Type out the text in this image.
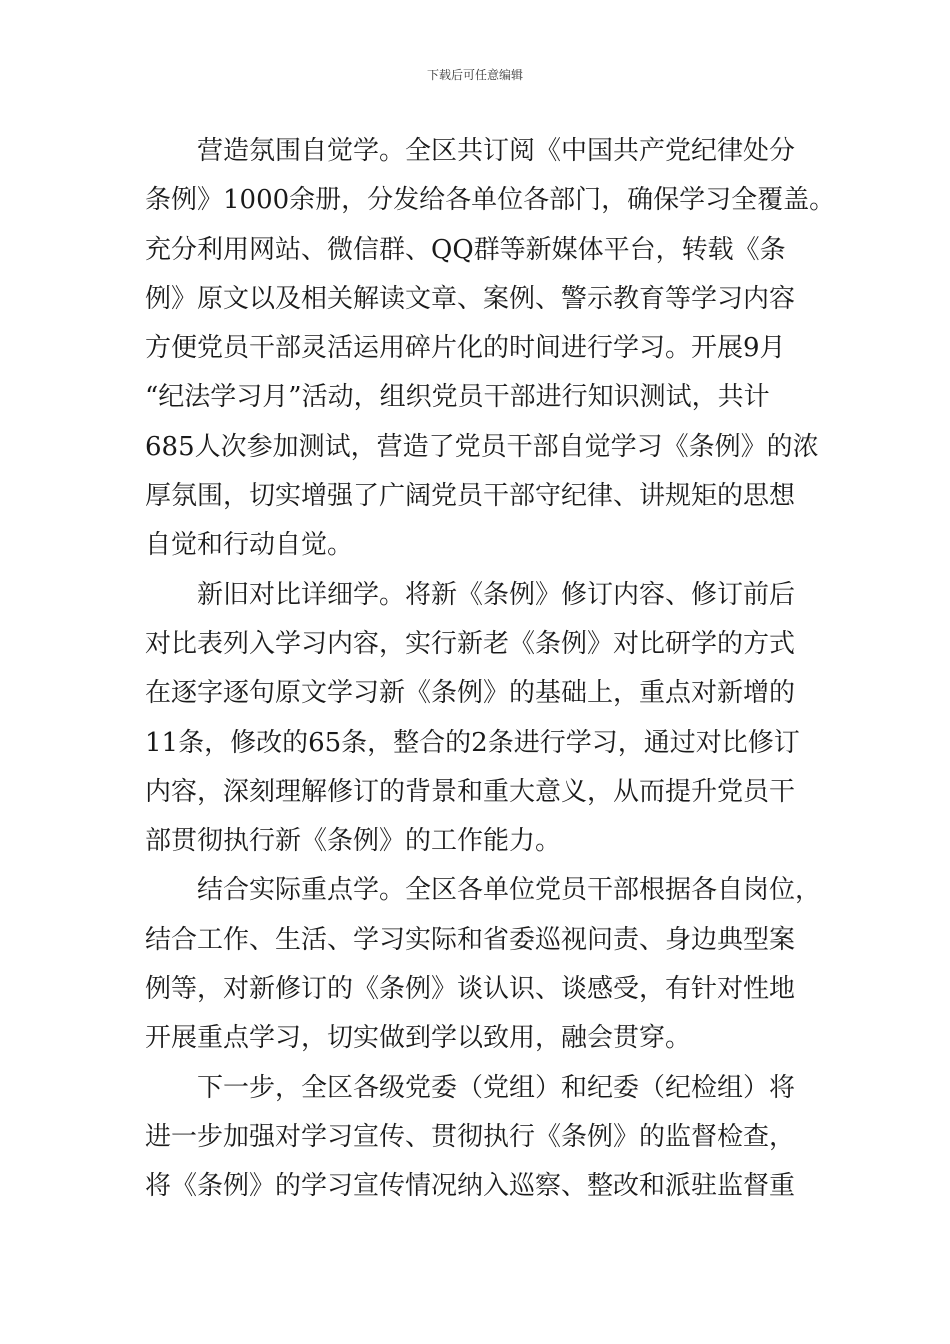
下载后可任意编辑
　　营造氛围自觉学。全区共订阅《中国共产党纪律处分
条例》1000余册，分发给各单位各部门，确保学习全覆盖。
充分利用网站、微信群、QQ群等新媒体平台，转载《条
例》原文以及相关解读文章、案例、警示教育等学习内容
方便党员干部灵活运用碎片化的时间进行学习。开展9月
“纪法学习月”活动，组织党员干部进行知识测试，共计
685人次参加测试，营造了党员干部自觉学习《条例》的浓
厚氛围，切实增强了广阔党员干部守纪律、讲规矩的思想
自觉和行动自觉。
　　新旧对比详细学。将新《条例》修订内容、修订前后
对比表列入学习内容，实行新老《条例》对比研学的方式
在逐字逐句原文学习新《条例》的基础上，重点对新增的
11条，修改的65条，整合的2条进行学习，通过对比修订
内容，深刻理解修订的背景和重大意义，从而提升党员干
部贯彻执行新《条例》的工作能力。
　　结合实际重点学。全区各单位党员干部根据各自岗位，
结合工作、生活、学习实际和省委巡视问责、身边典型案
例等，对新修订的《条例》谈认识、谈感受，有针对性地
开展重点学习，切实做到学以致用，融会贯穿。
　　下一步，全区各级党委（党组）和纪委（纪检组）将
进一步加强对学习宣传、贯彻执行《条例》的监督检查，
将《条例》的学习宣传情况纳入巡察、整改和派驻监督重
